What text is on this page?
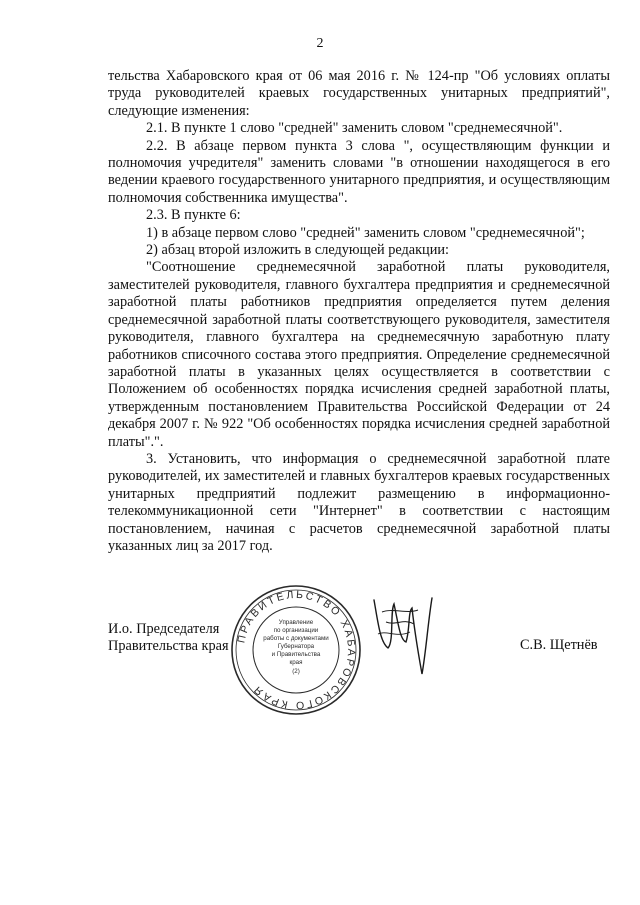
2

тельства Хабаровского края от 06 мая 2016 г. № 124-пр "Об условиях оплаты труда руководителей краевых государственных унитарных предприятий", следующие изменения:

2.1. В пункте 1 слово "средней" заменить словом "среднемесячной".

2.2. В абзаце первом пункта 3 слова ", осуществляющим функции и полномочия учредителя" заменить словами "в отношении находящегося в его ведении краевого государственного унитарного предприятия, и осуществляющим полномочия собственника имущества".

2.3. В пункте 6:

1) в абзаце первом слово "средней" заменить словом "среднемесячной";

2) абзац второй изложить в следующей редакции:

"Соотношение среднемесячной заработной платы руководителя, заместителей руководителя, главного бухгалтера предприятия и среднемесячной заработной платы работников предприятия определяется путем деления среднемесячной заработной платы соответствующего руководителя, заместителя руководителя, главного бухгалтера на среднемесячную заработную плату работников списочного состава этого предприятия. Определение среднемесячной заработной платы в указанных целях осуществляется в соответствии с Положением об особенностях порядка исчисления средней заработной платы, утвержденным постановлением Правительства Российской Федерации от 24 декабря 2007 г. № 922 "Об особенностях порядка исчисления средней заработной платы".".

3. Установить, что информация о среднемесячной заработной плате руководителей, их заместителей и главных бухгалтеров краевых государственных унитарных предприятий подлежит размещению в информационно-телекоммуникационной сети "Интернет" в соответствии с настоящим постановлением, начиная с расчетов среднемесячной заработной платы указанных лиц за 2017 год.

И.о. Председателя
Правительства края	С.В. Щетнёв
ПРАВИТЕЛЬСТВО ХАБАРОВСКОГО КРАЯ
Управление
по организации
работы с документами
Губернатора
и Правительства
края
(2)
